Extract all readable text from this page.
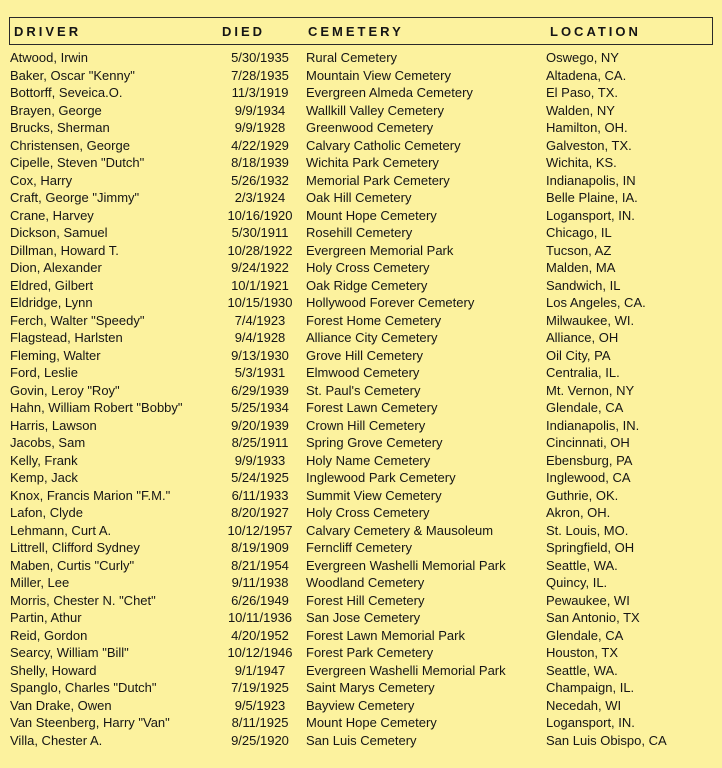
DRIVER	DIED	CEMETERY	LOCATION
Atwood, Irwin	5/30/1935	Rural Cemetery	Oswego, NY
Baker, Oscar "Kenny"	7/28/1935	Mountain View Cemetery	Altadena, CA.
Bottorff, Seveica.O.	11/3/1919	Evergreen Almeda Cemetery	El Paso, TX.
Brayen, George	9/9/1934	Wallkill Valley Cemetery	Walden, NY
Brucks, Sherman	9/9/1928	Greenwood Cemetery	Hamilton, OH.
Christensen, George	4/22/1929	Calvary Catholic Cemetery	Galveston, TX.
Cipelle, Steven "Dutch"	8/18/1939	Wichita Park Cemetery	Wichita, KS.
Cox, Harry	5/26/1932	Memorial Park Cemetery	Indianapolis, IN
Craft, George "Jimmy"	2/3/1924	Oak Hill Cemetery	Belle Plaine, IA.
Crane, Harvey	10/16/1920	Mount Hope Cemetery	Logansport, IN.
Dickson, Samuel	5/30/1911	Rosehill Cemetery	Chicago, IL
Dillman, Howard T.	10/28/1922	Evergreen Memorial Park	Tucson, AZ
Dion, Alexander	9/24/1922	Holy Cross Cemetery	Malden, MA
Eldred, Gilbert	10/1/1921	Oak Ridge Cemetery	Sandwich, IL
Eldridge, Lynn	10/15/1930	Hollywood Forever Cemetery	Los Angeles, CA.
Ferch, Walter "Speedy"	7/4/1923	Forest Home Cemetery	Milwaukee, WI.
Flagstead, Harlsten	9/4/1928	Alliance City Cemetery	Alliance, OH
Fleming, Walter	9/13/1930	Grove Hill Cemetery	Oil City, PA
Ford, Leslie	5/3/1931	Elmwood Cemetery	Centralia, IL.
Govin, Leroy "Roy"	6/29/1939	St. Paul's Cemetery	Mt. Vernon, NY
Hahn, William Robert "Bobby"	5/25/1934	Forest Lawn Cemetery	Glendale, CA
Harris, Lawson	9/20/1939	Crown Hill Cemetery	Indianapolis, IN.
Jacobs, Sam	8/25/1911	Spring Grove Cemetery	Cincinnati, OH
Kelly, Frank	9/9/1933	Holy Name Cemetery	Ebensburg, PA
Kemp, Jack	5/24/1925	Inglewood Park Cemetery	Inglewood, CA
Knox, Francis Marion "F.M."	6/11/1933	Summit View Cemetery	Guthrie, OK.
Lafon, Clyde	8/20/1927	Holy Cross Cemetery	Akron, OH.
Lehmann, Curt A.	10/12/1957	Calvary Cemetery & Mausoleum	St. Louis, MO.
Littrell, Clifford Sydney	8/19/1909	Ferncliff Cemetery	Springfield, OH
Maben, Curtis "Curly"	8/21/1954	Evergreen Washelli Memorial Park	Seattle, WA.
Miller, Lee	9/11/1938	Woodland Cemetery	Quincy, IL.
Morris, Chester N. "Chet"	6/26/1949	Forest Hill Cemetery	Pewaukee, WI
Partin, Athur	10/11/1936	San Jose Cemetery	San Antonio, TX
Reid, Gordon	4/20/1952	Forest Lawn Memorial Park	Glendale, CA
Searcy, William "Bill"	10/12/1946	Forest Park Cemetery	Houston, TX
Shelly, Howard	9/1/1947	Evergreen Washelli Memorial Park	Seattle, WA.
Spanglo, Charles "Dutch"	7/19/1925	Saint Marys Cemetery	Champaign, IL.
Van Drake, Owen	9/5/1923	Bayview Cemetery	Necedah, WI
Van Steenberg, Harry "Van"	8/11/1925	Mount Hope Cemetery	Logansport, IN.
Villa, Chester A.	9/25/1920	San Luis Cemetery	San Luis Obispo, CA
